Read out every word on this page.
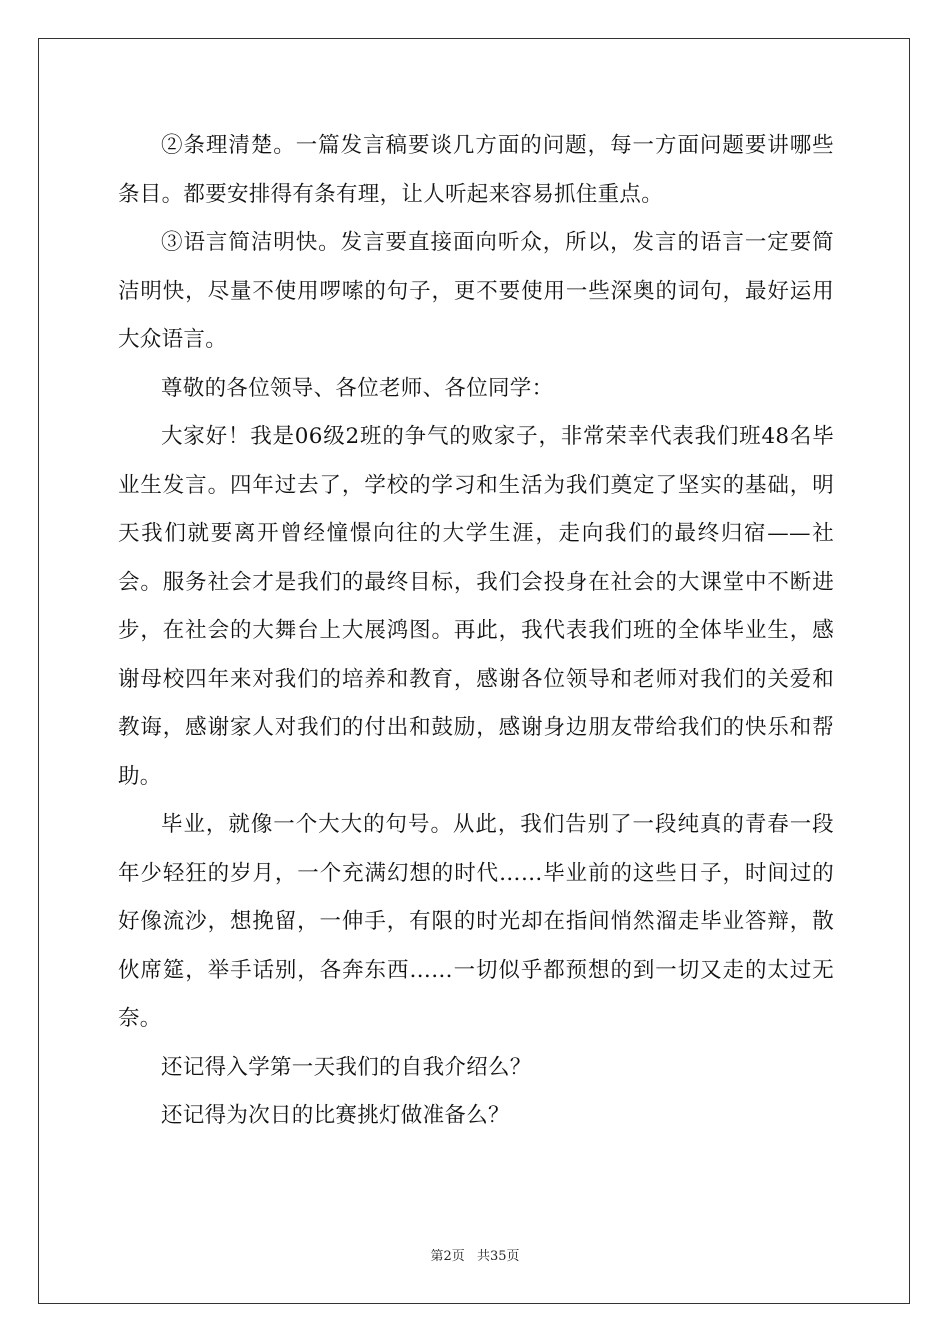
②条理清楚。一篇发言稿要谈几方面的问题，每一方面问题要讲哪些条目。都要安排得有条有理，让人听起来容易抓住重点。

③语言简洁明快。发言要直接面向听众，所以，发言的语言一定要简洁明快，尽量不使用啰嗦的句子，更不要使用一些深奥的词句，最好运用大众语言。

尊敬的各位领导、各位老师、各位同学：

大家好！我是06级2班的争气的败家子，非常荣幸代表我们班48名毕业生发言。四年过去了，学校的学习和生活为我们奠定了坚实的基础，明天我们就要离开曾经憧憬向往的大学生涯，走向我们的最终归宿——社会。服务社会才是我们的最终目标，我们会投身在社会的大课堂中不断进步，在社会的大舞台上大展鸿图。再此，我代表我们班的全体毕业生，感谢母校四年来对我们的培养和教育，感谢各位领导和老师对我们的关爱和教诲，感谢家人对我们的付出和鼓励，感谢身边朋友带给我们的快乐和帮助。

毕业，就像一个大大的句号。从此，我们告别了一段纯真的青春一段年少轻狂的岁月，一个充满幻想的时代……毕业前的这些日子，时间过的好像流沙，想挽留，一伸手，有限的时光却在指间悄然溜走毕业答辩，散伙席筵，举手话别，各奔东西……一切似乎都预想的到一切又走的太过无奈。

还记得入学第一天我们的自我介绍么？

还记得为次日的比赛挑灯做准备么？

第2页 共35页
